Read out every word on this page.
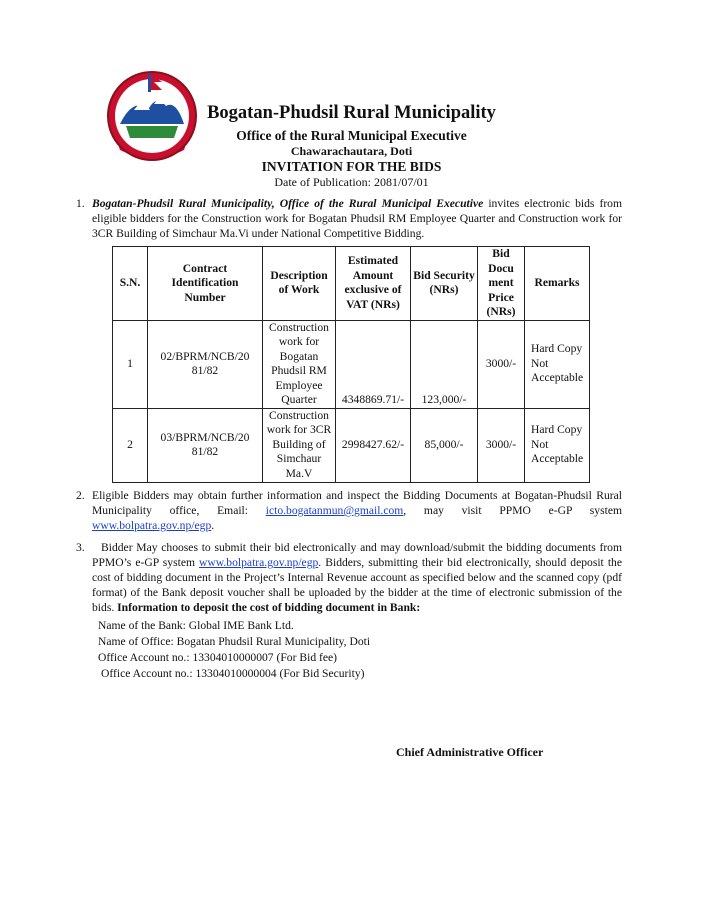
Bogatan-Phudsil Rural Municipality
Office of the Rural Municipal Executive
Chawarachautara, Doti
INVITATION FOR THE BIDS
Date of Publication: 2081/07/01
1. Bogatan-Phudsil Rural Municipality, Office of the Rural Municipal Executive invites electronic bids from eligible bidders for the Construction work for Bogatan Phudsil RM Employee Quarter and Construction work for 3CR Building of Simchaur Ma.Vi under National Competitive Bidding.
S.N.	Contract Identification Number	Description of Work	Estimated Amount exclusive of VAT (NRs)	Bid Security (NRs)	Bid Docu ment Price (NRs)	Remarks
1	02/BPRM/NCB/20 81/82	Construction work for Bogatan Phudsil RM Employee Quarter	4348869.71/-	123,000/-	3000/-	Hard Copy Not Acceptable
2	03/BPRM/NCB/20 81/82	Construction work for 3CR Building of Simchaur Ma.V	2998427.62/-	85,000/-	3000/-	Hard Copy Not Acceptable
2. Eligible Bidders may obtain further information and inspect the Bidding Documents at Bogatan-Phudsil Rural Municipality office, Email: icto.bogatanmun@gmail.com, may visit PPMO e-GP system www.bolpatra.gov.np/egp.
3.	Bidder May chooses to submit their bid electronically and may download/submit the bidding documents from PPMO’s e-GP system www.bolpatra.gov.np/egp. Bidders, submitting their bid electronically, should deposit the cost of bidding document in the Project’s Internal Revenue account as specified below and the scanned copy (pdf format) of the Bank deposit voucher shall be uploaded by the bidder at the time of electronic submission of the bids. Information to deposit the cost of bidding document in Bank:
Name of the Bank: Global IME Bank Ltd.
Name of Office: Bogatan Phudsil Rural Municipality, Doti
Office Account no.: 13304010000007 (For Bid fee)
Office Account no.: 13304010000004 (For Bid Security)
Chief Administrative Officer
